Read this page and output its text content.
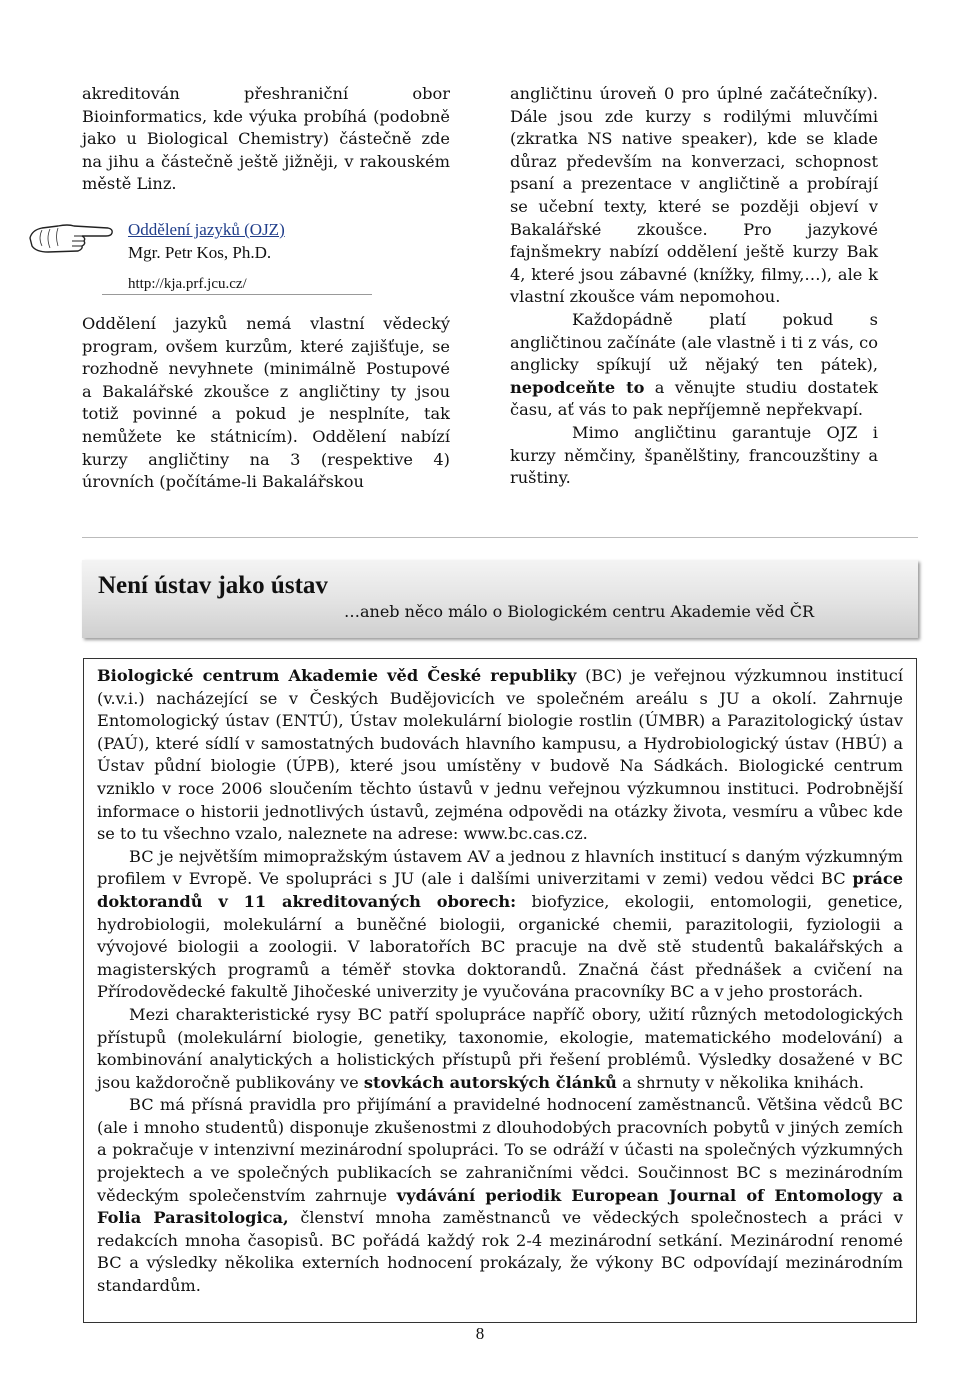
akreditován přeshraniční obor Bioinformatics, kde výuka probíhá (podobně jako u Biological Chemistry) částečně zde na jihu a částečně ještě jižněji, v rakouském městě Linz.

Oddělení jazyků (OJZ)
Mgr. Petr Kos, Ph.D.
http://kja.prf.jcu.cz/

Oddělení jazyků nemá vlastní vědecký program, ovšem kurzům, které zajišťuje, se rozhodně nevyhnete (minimálně Postupové a Bakalářské zkoušce z angličtiny ty jsou totiž povinné a pokud je nesplníte, tak nemůžete ke státnicím). Oddělení nabízí kurzy angličtiny na 3 (respektive 4) úrovních (počítáme-li Bakalářskou

angličtinu úroveň 0 pro úplné začátečníky). Dále jsou zde kurzy s rodilými mluvčími (zkratka NS native speaker), kde se klade důraz především na konverzaci, schopnost psaní a prezentace v angličtině a probírají se učební texty, které se později objeví v Bakalářské zkoušce. Pro jazykové fajnšmekry nabízí oddělení ještě kurzy Bak 4, které jsou zábavné (knížky, filmy,…), ale k vlastní zkoušce vám nepomohou.

Každopádně platí pokud s angličtinou začínáte (ale vlastně i ti z vás, co anglicky spíkují už nějaký ten pátek), nepodceňte to a věnujte studiu dostatek času, ať vás to pak nepříjemně nepřekvapí.

Mimo angličtinu garantuje OJZ i kurzy němčiny, španělštiny, francouzštiny a ruštiny.

Není ústav jako ústav
…aneb něco málo o Biologickém centru Akademie věd ČR

Biologické centrum Akademie věd České republiky (BC) je veřejnou výzkumnou institucí (v.v.i.) nacházející se v Českých Budějovicích ve společném areálu s JU a okolí. Zahrnuje Entomologický ústav (ENTÚ), Ústav molekulární biologie rostlin (ÚMBR) a Parazitologický ústav (PAÚ), které sídlí v samostatných budovách hlavního kampusu, a Hydrobiologický ústav (HBÚ) a Ústav půdní biologie (ÚPB), které jsou umístěny v budově Na Sádkách. Biologické centrum vzniklo v roce 2006 sloučením těchto ústavů v jednu veřejnou výzkumnou instituci. Podrobnější informace o historii jednotlivých ústavů, zejména odpovědi na otázky života, vesmíru a vůbec kde se to tu všechno vzalo, naleznete na adrese: www.bc.cas.cz.

BC je největším mimopražským ústavem AV a jednou z hlavních institucí s daným výzkumným profilem v Evropě. Ve spolupráci s JU (ale i dalšími univerzitami v zemi) vedou vědci BC práce doktorandů v 11 akreditovaných oborech: biofyzice, ekologii, entomologii, genetice, hydrobiologii, molekulární a buněčné biologii, organické chemii, parazitologii, fyziologii a vývojové biologii a zoologii. V laboratořích BC pracuje na dvě stě studentů bakalářských a magisterských programů a téměř stovka doktorandů. Značná část přednášek a cvičení na Přírodovědecké fakultě Jihočeské univerzity je vyučována pracovníky BC a v jeho prostorách.

Mezi charakteristické rysy BC patří spolupráce napříč obory, užití různých metodologických přístupů (molekulární biologie, genetiky, taxonomie, ekologie, matematického modelování) a kombinování analytických a holistických přístupů při řešení problémů. Výsledky dosažené v BC jsou každoročně publikovány ve stovkách autorských článků a shrnuty v několika knihách.

BC má přísná pravidla pro přijímání a pravidelné hodnocení zaměstnanců. Většina vědců BC (ale i mnoho studentů) disponuje zkušenostmi z dlouhodobých pracovních pobytů v jiných zemích a pokračuje v intenzivní mezinárodní spolupráci. To se odráží v účasti na společných výzkumných projektech a ve společných publikacích se zahraničními vědci. Součinnost BC s mezinárodním vědeckým společenstvím zahrnuje vydávání periodik European Journal of Entomology a Folia Parasitologica, členství mnoha zaměstnanců ve vědeckých společnostech a práci v redakcích mnoha časopisů. BC pořádá každý rok 2-4 mezinárodní setkání. Mezinárodní renomé BC a výsledky několika externích hodnocení prokázaly, že výkony BC odpovídají mezinárodním standardům.

8
